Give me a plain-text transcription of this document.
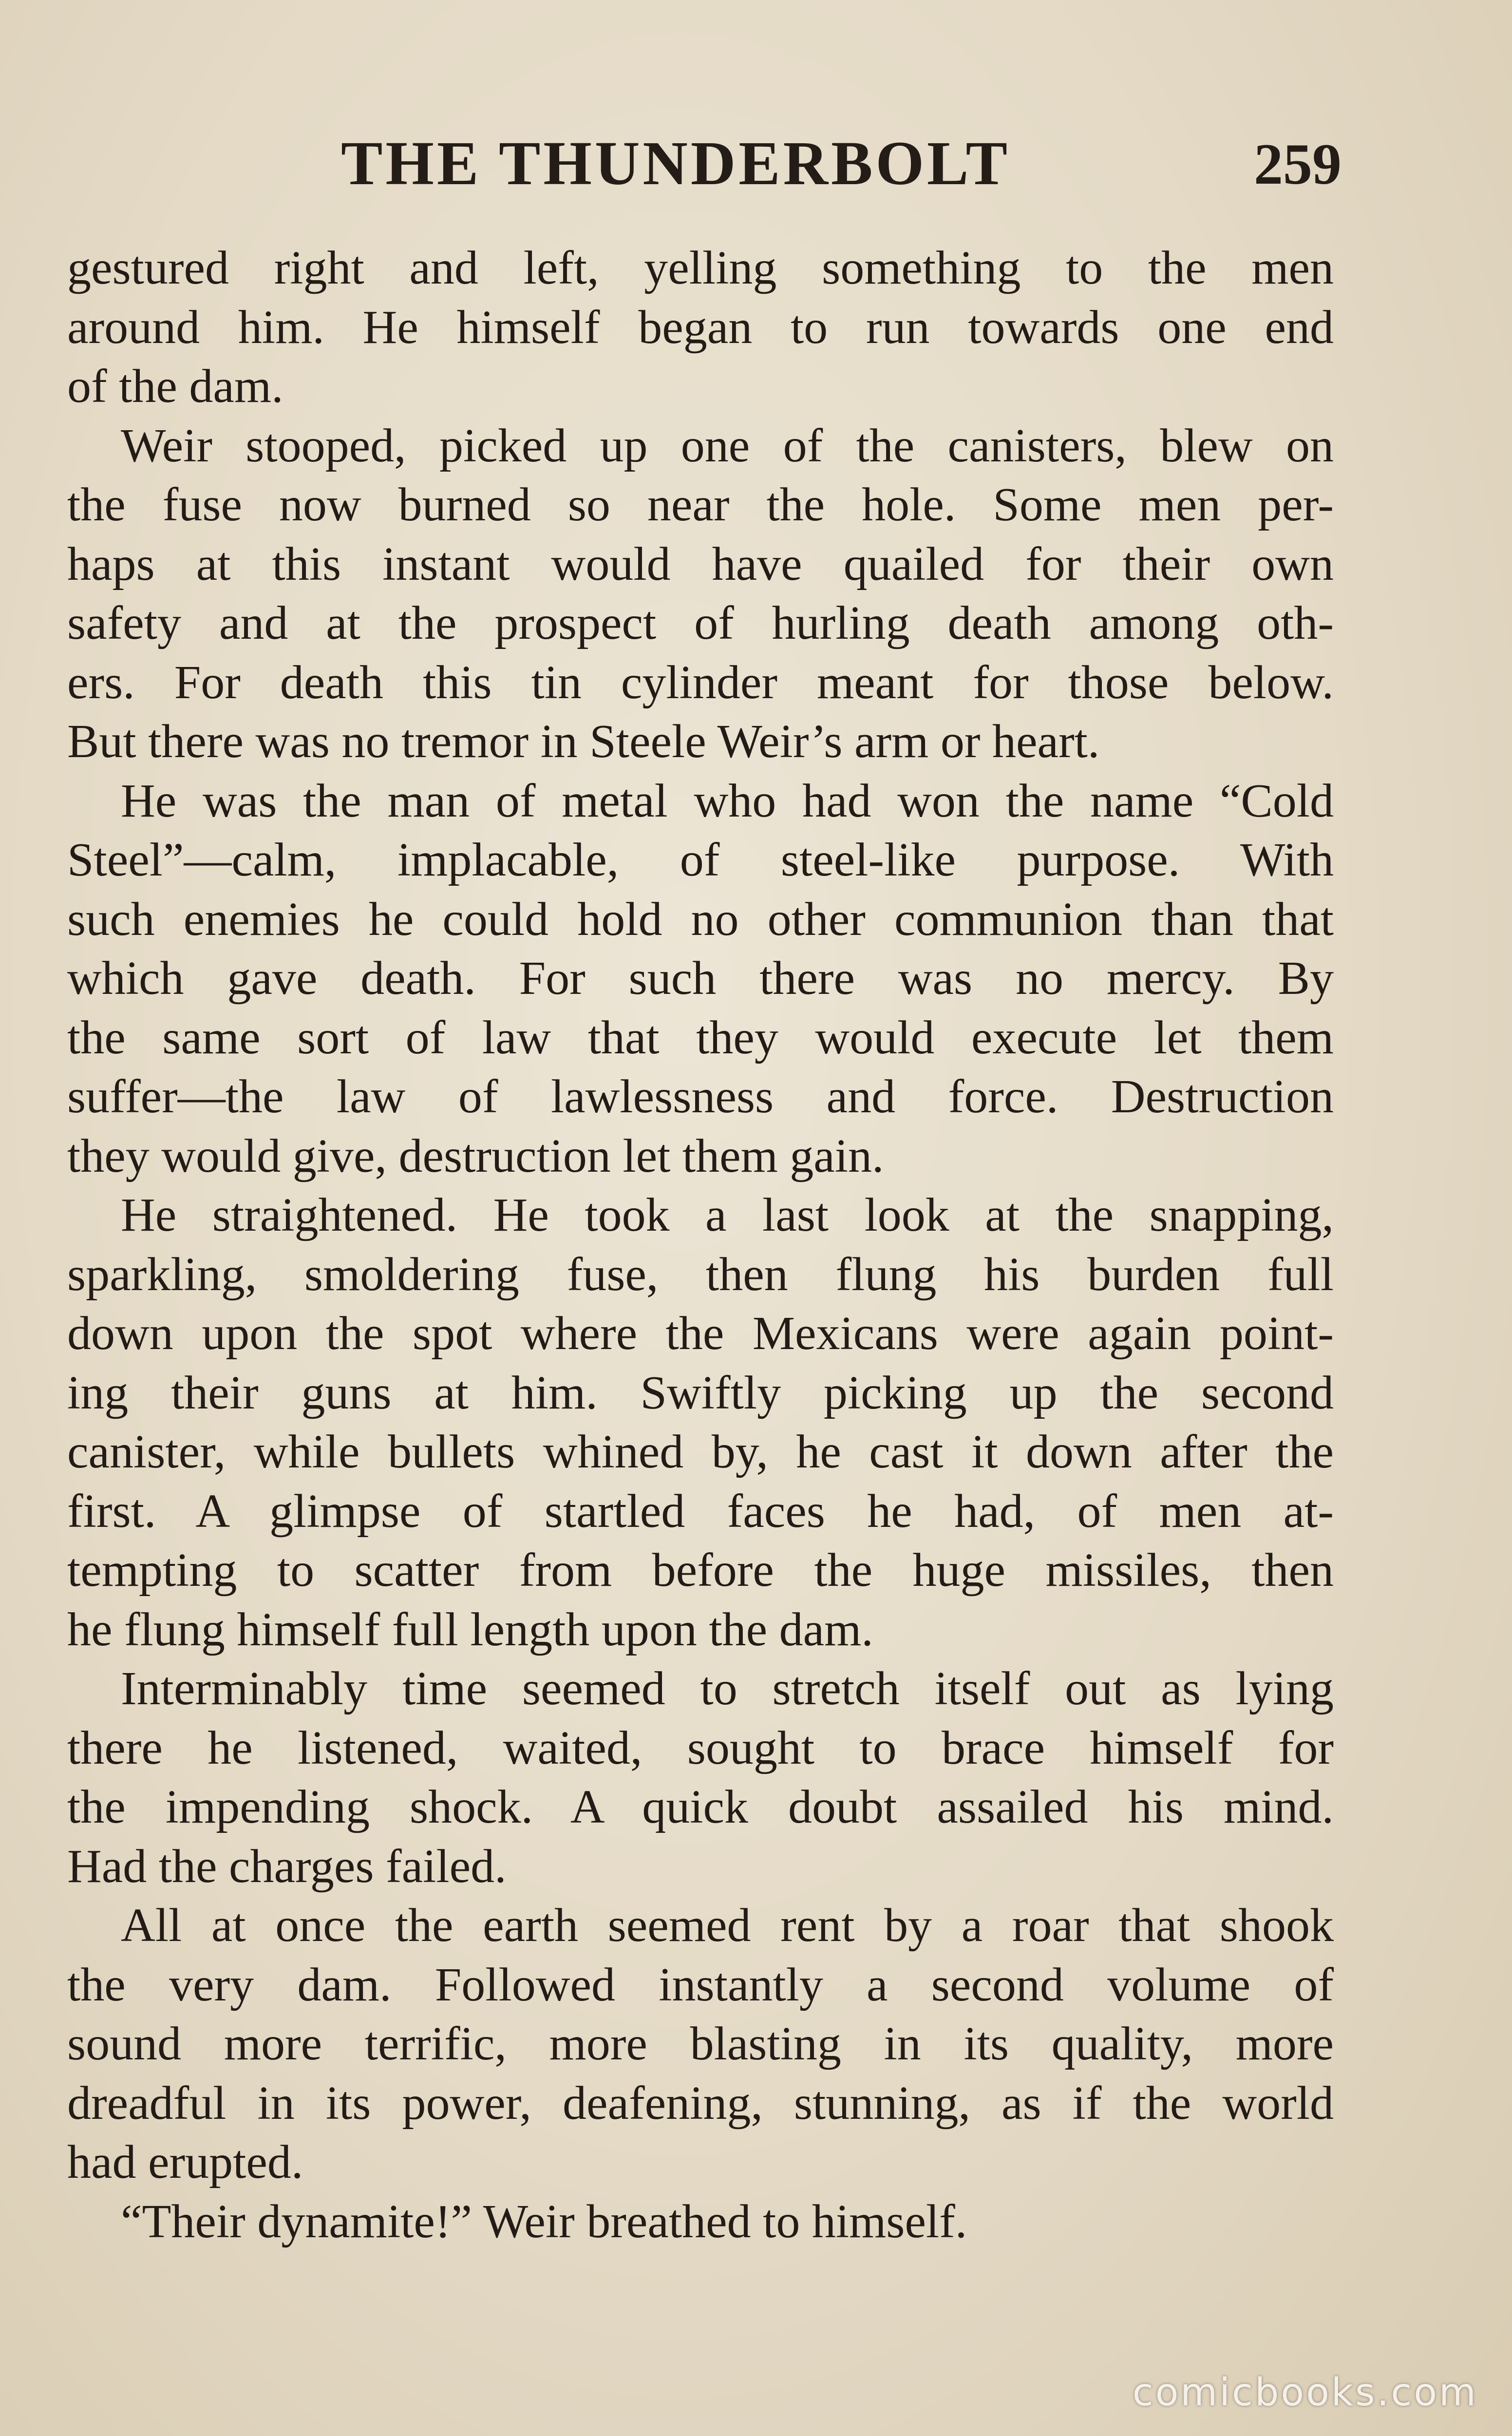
THE THUNDERBOLT	259
gestured right and left, yelling something to the men
around him. He himself began to run towards one end
of the dam.
Weir stooped, picked up one of the canisters, blew on
the fuse now burned so near the hole. Some men per-
haps at this instant would have quailed for their own
safety and at the prospect of hurling death among oth-
ers. For death this tin cylinder meant for those below.
But there was no tremor in Steele Weir’s arm or heart.
He was the man of metal who had won the name “Cold
Steel”—calm, implacable, of steel-like purpose. With
such enemies he could hold no other communion than that
which gave death. For such there was no mercy. By
the same sort of law that they would execute let them
suffer—the law of lawlessness and force. Destruction
they would give, destruction let them gain.
He straightened. He took a last look at the snapping,
sparkling, smoldering fuse, then flung his burden full
down upon the spot where the Mexicans were again point-
ing their guns at him. Swiftly picking up the second
canister, while bullets whined by, he cast it down after the
first. A glimpse of startled faces he had, of men at-
tempting to scatter from before the huge missiles, then
he flung himself full length upon the dam.
Interminably time seemed to stretch itself out as lying
there he listened, waited, sought to brace himself for
the impending shock. A quick doubt assailed his mind.
Had the charges failed.
All at once the earth seemed rent by a roar that shook
the very dam. Followed instantly a second volume of
sound more terrific, more blasting in its quality, more
dreadful in its power, deafening, stunning, as if the world
had erupted.
“Their dynamite!” Weir breathed to himself.
comicbooks.com
